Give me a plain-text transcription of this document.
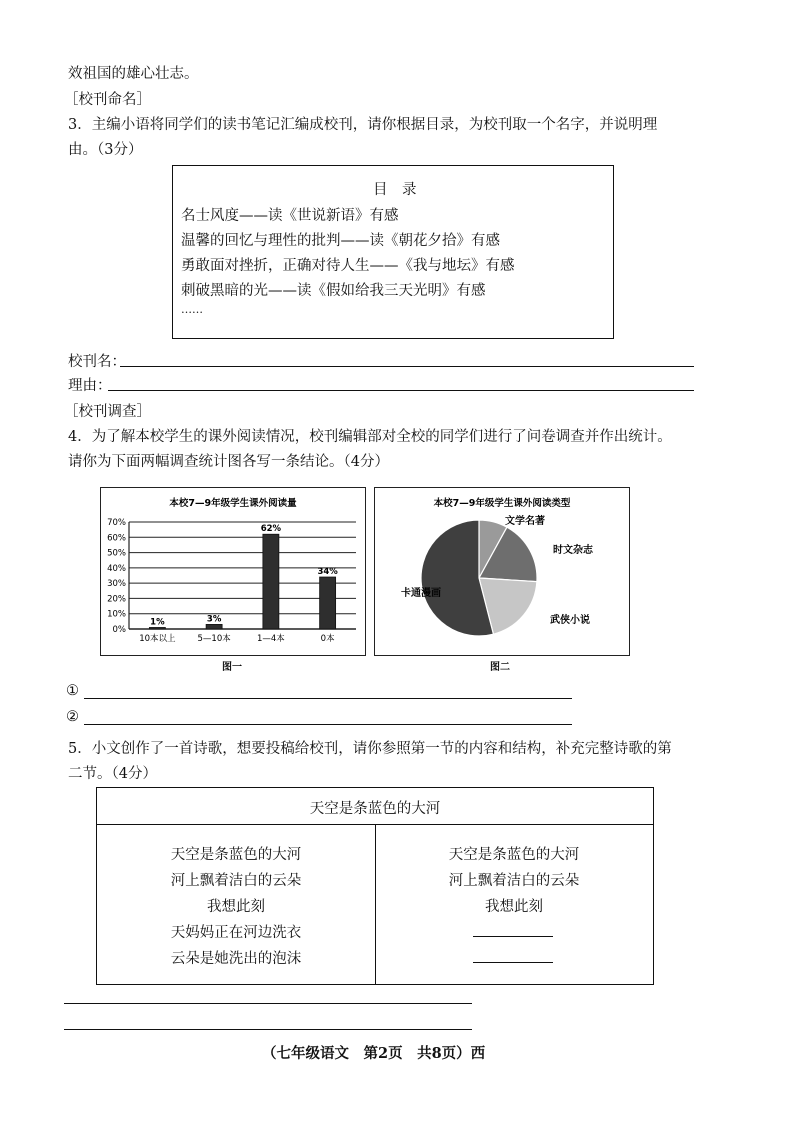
效祖国的雄心壮志。
［校刊命名］
3．主编小语将同学们的读书笔记汇编成校刊，请你根据目录，为校刊取一个名字，并说明理
由。（3分）
目　录
名士风度——读《世说新语》有感
温馨的回忆与理性的批判——读《朝花夕拾》有感
勇敢面对挫折，正确对待人生——《我与地坛》有感
刺破黑暗的光——读《假如给我三天光明》有感
……
校刊名：
理由：
［校刊调查］
4．为了解本校学生的课外阅读情况，校刊编辑部对全校的同学们进行了问卷调查并作出统计。
请你为下面两幅调查统计图各写一条结论。（4分）
本校7—9年级学生课外阅读量
0%
10%
20%
30%
40%
50%
60%
70%
1%
10本以上
3%
5—10本
62%
1—4本
34%
0本
图一
本校7—9年级学生课外阅读类型
文学名著
时文杂志
武侠小说
卡通漫画
图二
①
②
5．小文创作了一首诗歌，想要投稿给校刊，请你参照第一节的内容和结构，补充完整诗歌的第
二节。（4分）
天空是条蓝色的大河
天空是条蓝色的大河
河上飘着洁白的云朵
我想此刻
天妈妈正在河边洗衣
云朵是她洗出的泡沫
天空是条蓝色的大河
河上飘着洁白的云朵
我想此刻
（七年级语文　第2页　共8页）西
